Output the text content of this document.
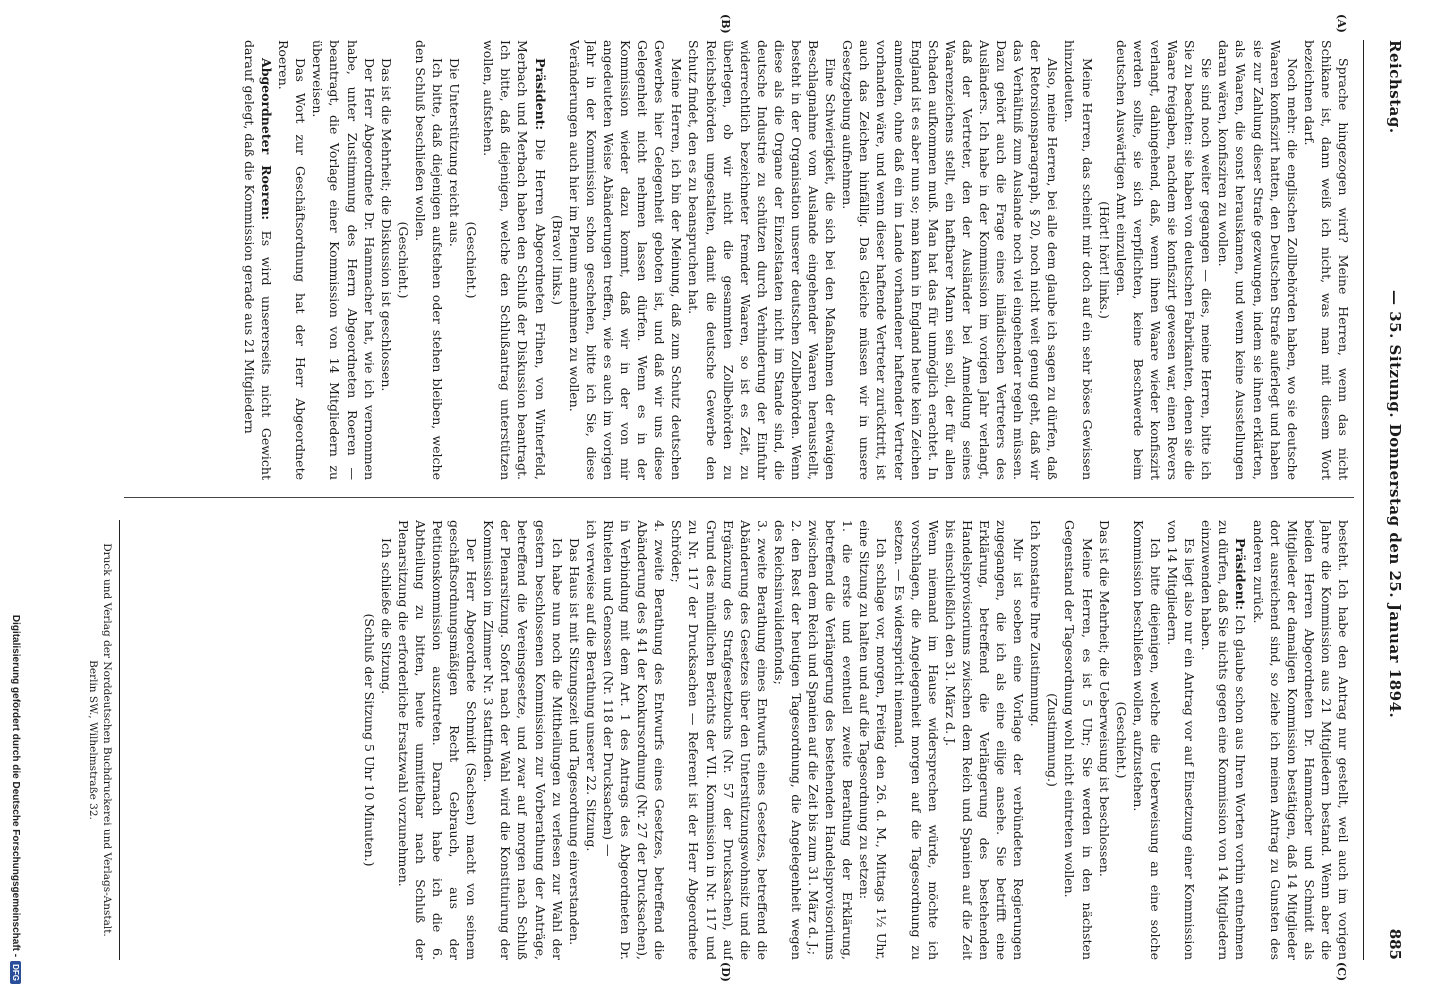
Reichstag.
— 35. Sitzung. Donnerstag den 25. Januar 1894.
885
(A)
(B)
(C)
(D)

Sprache hingezogen wird? Meine Herren, wenn das nicht Schikane ist, dann weiß ich nicht, was man mit diesem Wort bezeichnen darf.

Noch mehr: die englischen Zollbehörden haben, wo sie deutsche Waaren konfiszirt hatten, den Deutschen Strafe auferlegt und haben sie zur Zahlung dieser Strafe gezwungen, indem sie ihnen erklärten, als Waaren, die sonst herauskamen, und wenn keine Ausstellungen daran wären, konfisziren zu wollen.

Sie sind noch weiter gegangen — dies, meine Herren, bitte ich Sie zu beachten: sie haben von deutschen Fabrikanten, denen sie die Waare freigaben, nachdem sie konfiszirt gewesen war, einen Revers verlangt, dahingehend, daß, wenn ihnen Waare wieder konfiszirt werden sollte, sie sich verpflichten, keine Beschwerde beim deutschen Auswärtigen Amt einzulegen.

(Hört! hört! links.)

Meine Herren, das scheint mir doch auf ein sehr böses Gewissen hinzudeuten.

Also, meine Herren, bei alle dem glaube ich sagen zu dürfen, daß der Retorsionsparagraph, § 20, noch nicht weit genug geht, daß wir das Verhältniß zum Auslande noch viel eingehender regeln müssen. Dazu gehört auch die Frage eines inländischen Vertreters des Ausländers. Ich habe in der Kommission im vorigen Jahr verlangt, daß der Vertreter, den der Ausländer bei Anmeldung seines Waarenzeichens stellt, ein haftbarer Mann sein soll, der für allen Schaden aufkommen muß. Man hat das für unmöglich erachtet. In England ist es aber nun so; man kann in England heute kein Zeichen anmelden, ohne daß ein im Lande vorhandener haftender Vertreter vorhanden wäre, und wenn dieser haftende Vertreter zurücktritt, ist auch das Zeichen hinfällig. Das Gleiche müssen wir in unsere Gesetzgebung aufnehmen.

Eine Schwierigkeit, die sich bei den Maßnahmen der etwaigen Beschlagnahme vom Auslande eingehender Waaren herausstellt, besteht in der Organisation unserer deutschen Zollbehörden. Wenn diese als die Organe der Einzelstaaten nicht im Stande sind, die deutsche Industrie zu schützen durch Verhinderung der Einfuhr widerrechtlich bezeichneter fremder Waaren, so ist es Zeit, zu überlegen, ob wir nicht die gesammten Zollbehörden zu Reichsbehörden umgestalten, damit die deutsche Gewerbe den Schutz findet, den es zu beanspruchen hat.

Meine Herren, ich bin der Meinung, daß zum Schutz deutschen Gewerbes hier Gelegenheit geboten ist, und daß wir uns diese Gelegenheit nicht nehmen lassen dürfen. Wenn es in der Kommission wieder dazu kommt, daß wir in der von mir angedeuteten Weise Abänderungen treffen, wie es auch im vorigen Jahr in der Kommission schon geschehen, bitte ich Sie, diese Veränderungen auch hier im Plenum annehmen zu wollen.

(Bravo! links.)

Präsident: Die Herren Abgeordneten Frihen, von Winterfeld, Merbach und Merbach haben den Schluß der Diskussion beantragt. Ich bitte, daß diejenigen, welche den Schlußantrag unterstützen wollen, aufstehen.

(Geschieht.)

Die Unterstützung reicht aus.

Ich bitte, daß diejenigen aufstehen oder stehen bleiben, welche den Schluß beschließen wollen.

(Geschieht.)

Das ist die Mehrheit; die Diskussion ist geschlossen.

Der Herr Abgeordnete Dr. Hammacher hat, wie ich vernommen habe, unter Zustimmung des Herrn Abgeordneten Roeren — beantragt, die Vorlage einer Kommission von 14 Mitgliedern zu überweisen.

Das Wort zur Geschäftsordnung hat der Herr Abgeordnete Roeren.

Abgeordneter Roeren: Es wird unsererseits nicht Gewicht darauf gelegt, daß die Kommission gerade aus 21 Mitgliedern

besteht. Ich habe den Antrag nur gestellt, weil auch im vorigen Jahre die Kommission aus 21 Mitgliedern bestand. Wenn aber die beiden Herren Abgeordneten Dr. Hammacher und Schmidt als Mitglieder der damaligen Kommission bestätigen, daß 14 Mitglieder dort ausreichend sind, so ziehe ich meinen Antrag zu Gunsten des anderen zurück.

Präsident: Ich glaube schon aus Ihren Worten vorhin entnehmen zu dürfen, daß Sie nichts gegen eine Kommission von 14 Mitgliedern einzuwenden haben.

Es liegt also nur ein Antrag vor auf Einsetzung einer Kommission von 14 Mitgliedern.

Ich bitte diejenigen, welche die Ueberweisung an eine solche Kommission beschließen wollen, aufzustehen.

(Geschieht.)

Das ist die Mehrheit; die Ueberweisung ist beschlossen.

Meine Herren, es ist 5 Uhr; Sie werden in den nächsten Gegenstand der Tagesordnung wohl nicht eintreten wollen.

(Zustimmung.)

Ich konstatire Ihre Zustimmung.

Mir ist soeben eine Vorlage der verbündeten Regierungen zugegangen, die ich als eine eilige ansehe. Sie betrifft eine Erklärung, betreffend die Verlängerung des bestehenden Handelsprovisoriums zwischen dem Reich und Spanien auf die Zeit bis einschließlich den 31. März d. J.

Wenn niemand im Hause widersprechen würde, möchte ich vorschlagen, die Angelegenheit morgen auf die Tagesordnung zu setzen. — Es widerspricht niemand.

Ich schlage vor, morgen, Freitag den 26. d. M., Mittags 1½ Uhr, eine Sitzung zu halten und auf die Tagesordnung zu setzen:

1. die erste und eventuell zweite Berathung der Erklärung, betreffend die Verlängerung des bestehenden Handelsprovisoriums zwischen dem Reich und Spanien auf die Zeit bis zum 31. März d. J.;

2. den Rest der heutigen Tagesordnung, die Angelegenheit wegen des Reichsinvalidenfonds;

3. zweite Berathung eines Entwurfs eines Gesetzes, betreffend die Abänderung des Gesetzes über den Unterstützungswohnsitz und die Ergänzung des Strafgesetzbuchs (Nr. 57 der Drucksachen), auf Grund des mündlichen Berichts der VII. Kommission in Nr. 117 und zu Nr. 117 der Drucksachen — Referent ist der Herr Abgeordnete Schröder;

4. zweite Berathung des Entwurfs eines Gesetzes, betreffend die Abänderung des § 41 der Konkursordnung (Nr. 27 der Drucksachen), in Verbindung mit dem Art. 1 des Antrags des Abgeordneten Dr. Rintelen und Genossen (Nr. 118 der Drucksachen) —

ich verweise auf die Berathung unserer 22. Sitzung.

Das Haus ist mit Sitzungszeit und Tagesordnung einverstanden.

Ich habe nun noch die Mittheilungen zu verlesen zur Wahl der gestern beschlossenen Kommission zur Vorberathung der Anträge, betreffend die Vereinsgesetze, und zwar auf morgen nach Schluß der Plenarsitzung. Sofort nach der Wahl wird die Konstituirung der Kommission im Zimmer Nr. 3 stattfinden.

Der Herr Abgeordnete Schmidt (Sachsen) macht von seinem geschäftsordnungsmäßigen Recht Gebrauch, aus der Petitionskommission auszutreten. Darnach habe ich die 6. Abtheilung zu bitten, heute unmittelbar nach Schluß der Plenarsitzung die erforderliche Ersatzwahl vorzunehmen.

Ich schließe die Sitzung.

(Schluß der Sitzung 5 Uhr 10 Minuten.)

Druck und Verlag der Norddeutschen Buchdruckerei und Verlags-Anstalt.
Berlin SW., Wilhelmstraße 32.
Digitalisierung gefördert durch die Deutsche Forschungsgemeinschaft -
DFG
